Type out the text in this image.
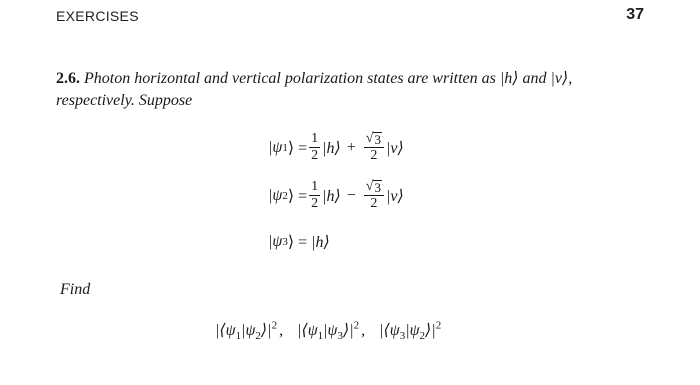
EXERCISES	37
2.6. Photon horizontal and vertical polarization states are written as |h⟩ and |v⟩, respectively. Suppose
|ψ 1 ⟩ = $\frac{1}{2}$ |h⟩ + $\frac{√ 3}{2}$ |v⟩
|ψ 2 ⟩ = $\frac{1}{2}$ |h⟩ − $\frac{√ 3}{2}$ |v⟩
|ψ 3 ⟩ = |h⟩
Find
$|⟨\psi_1|\psi_2⟩|^2$ , $|⟨\psi_1|\psi_3⟩|^2$ , $|⟨\psi_3|\psi_2⟩|^2$
